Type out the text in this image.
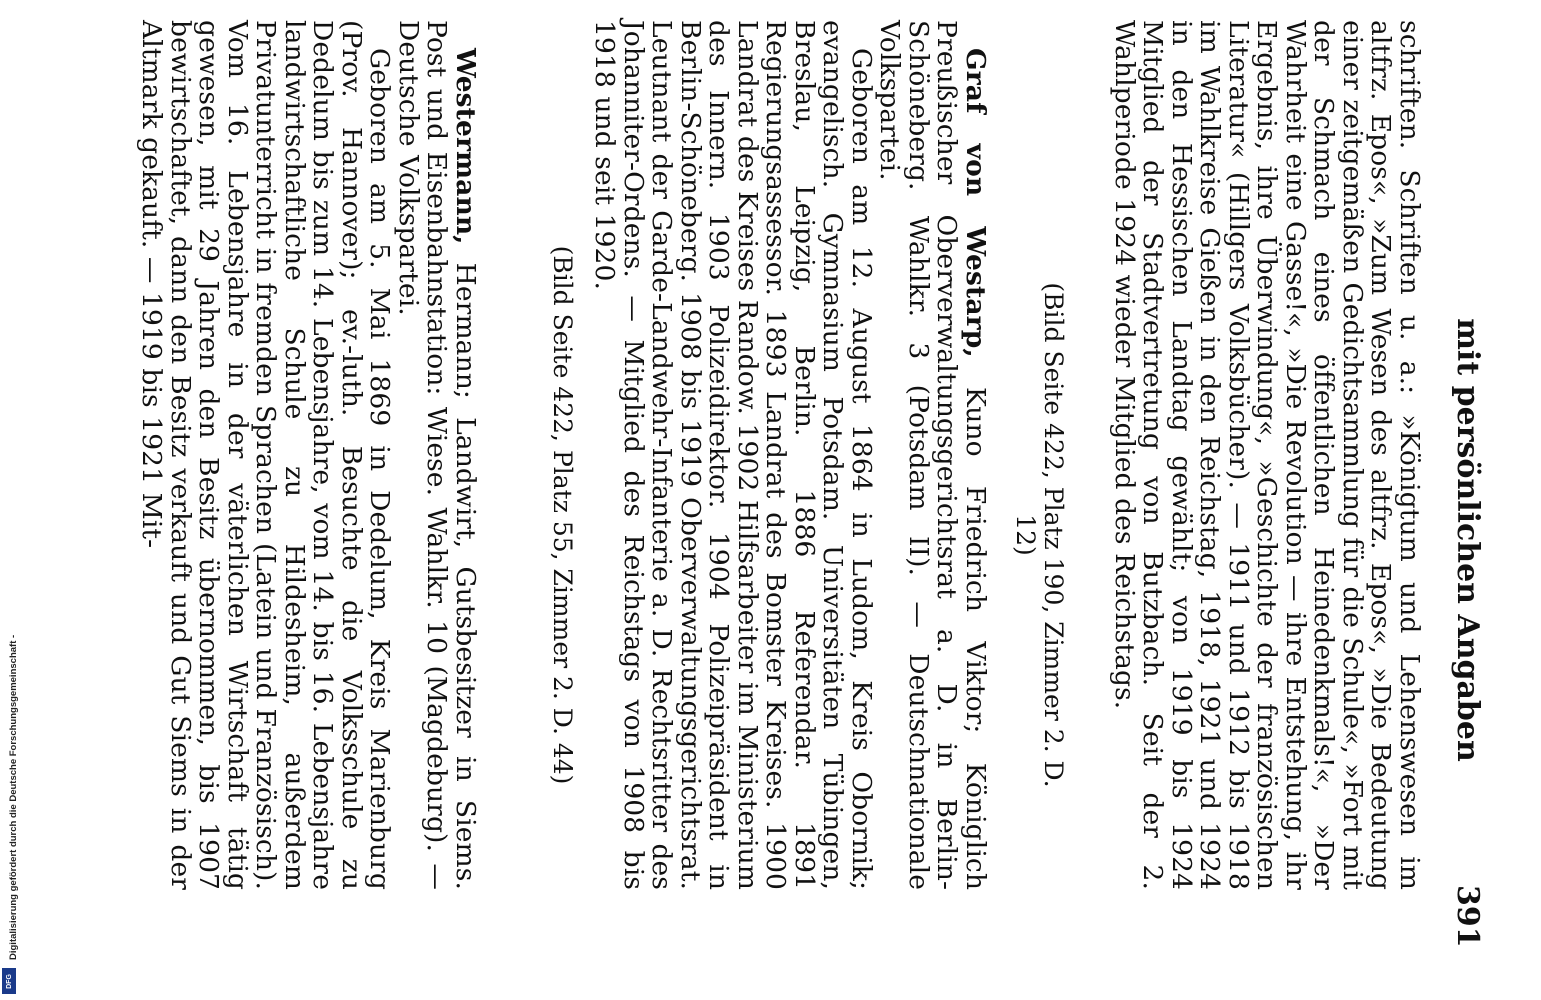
mit persönlichen Angaben
391

schriften. Schriften u. a.: »Königtum und Lehenswesen im altfrz. Epos«, »Zum Wesen des altfrz. Epos«, »Die Bedeutung einer zeitgemäßen Gedichtsammlung für die Schule«, »Fort mit der Schmach eines öffentlichen Heinedenkmals!«, »Der Wahrheit eine Gasse!«, »Die Revolution — ihre Entstehung, ihr Ergebnis, ihre Überwindung«, »Geschichte der französischen Literatur« (Hillgers Volksbücher). — 1911 und 1912 bis 1918 im Wahlkreise Gießen in den Reichstag, 1918, 1921 und 1924 in den Hessischen Landtag gewählt; von 1919 bis 1924 Mitglied der Stadtvertretung von Butzbach. Seit der 2. Wahlperiode 1924 wieder Mitglied des Reichstags.

(Bild Seite 422, Platz 190, Zimmer 2. D. 12)

Graf von Westarp, Kuno Friedrich Viktor; Königlich Preußischer Oberverwaltungsgerichtsrat a. D. in Berlin-Schöneberg. Wahlkr. 3 (Potsdam II). — Deutschnationale Volkspartei.

Geboren am 12. August 1864 in Ludom, Kreis Obornik; evangelisch. Gymnasium Potsdam. Universitäten Tübingen, Breslau, Leipzig, Berlin. 1886 Referendar. 1891 Regierungsassessor. 1893 Landrat des Bomster Kreises. 1900 Landrat des Kreises Randow. 1902 Hilfsarbeiter im Ministerium des Innern. 1903 Polizeidirektor. 1904 Polizeipräsident in Berlin-Schöneberg. 1908 bis 1919 Oberverwaltungsgerichtsrat. Leutnant der Garde-Landwehr-Infanterie a. D. Rechtsritter des Johanniter-Ordens. — Mitglied des Reichstags von 1908 bis 1918 und seit 1920.

(Bild Seite 422, Platz 55, Zimmer 2. D. 44)

Westermann, Hermann; Landwirt, Gutsbesitzer in Siems. Post und Eisenbahnstation: Wiese. Wahlkr. 10 (Magdeburg). — Deutsche Volkspartei.

Geboren am 5. Mai 1869 in Dedelum, Kreis Marienburg (Prov. Hannover); ev.-luth. Besuchte die Volksschule zu Dedelum bis zum 14. Lebensjahre, vom 14. bis 16. Lebensjahre landwirtschaftliche Schule zu Hildesheim, außerdem Privatunterricht in fremden Sprachen (Latein und Französisch). Vom 16. Lebensjahre in der väterlichen Wirtschaft tätig gewesen, mit 29 Jahren den Besitz übernommen, bis 1907 bewirtschaftet, dann den Besitz verkauft und Gut Siems in der Altmark gekauft. — 1919 bis 1921 Mit-

Digitalisierung gefördert durch die Deutsche Forschungsgemeinschaft -
DFG
